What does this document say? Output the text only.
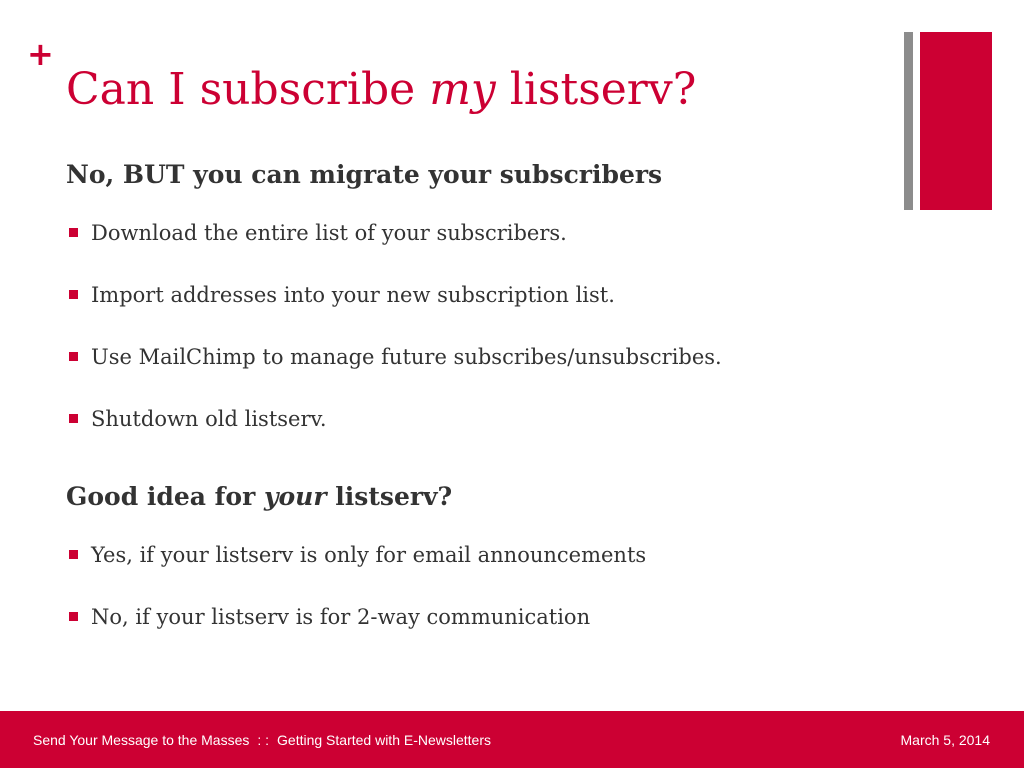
+
Can I subscribe my listserv?
No, BUT you can migrate your subscribers
Download the entire list of your subscribers.
Import addresses into your new subscription list.
Use MailChimp to manage future subscribes/unsubscribes.
Shutdown old listserv.
Good idea for your listserv?
Yes, if your listserv is only for email announcements
No, if your listserv is for 2-way communication
Send Your Message to the Masses : : Getting Started with E-Newsletters	March 5, 2014
